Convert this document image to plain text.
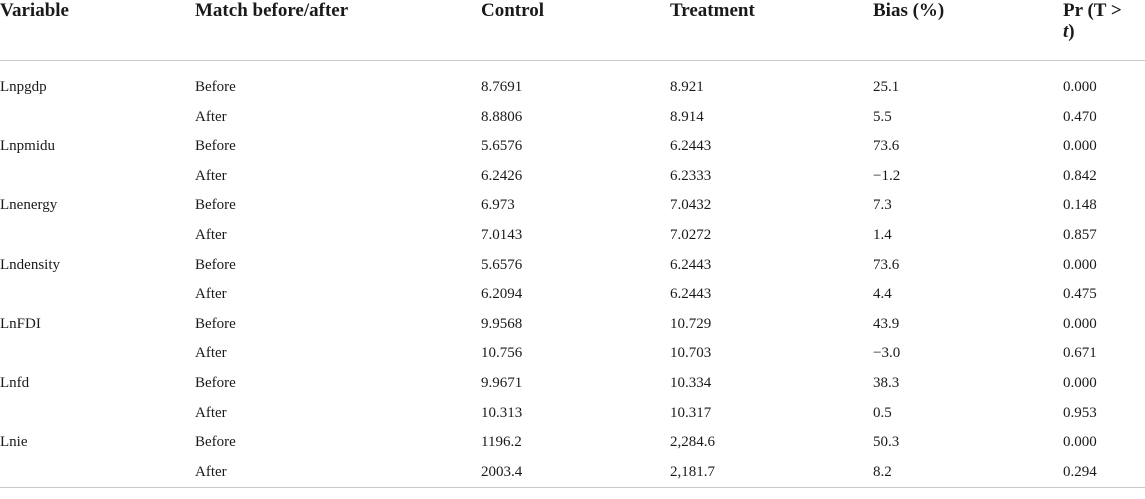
Variable	Match before/after	Control	Treatment	Bias (%)	Pr (T >
t)

Lnpgdp	Before	8.7691	8.921	25.1	0.000
	After	8.8806	8.914	5.5	0.470
Lnpmidu	Before	5.6576	6.2443	73.6	0.000
	After	6.2426	6.2333	−1.2	0.842
Lnenergy	Before	6.973	7.0432	7.3	0.148
	After	7.0143	7.0272	1.4	0.857
Lndensity	Before	5.6576	6.2443	73.6	0.000
	After	6.2094	6.2443	4.4	0.475
LnFDI	Before	9.9568	10.729	43.9	0.000
	After	10.756	10.703	−3.0	0.671
Lnfd	Before	9.9671	10.334	38.3	0.000
	After	10.313	10.317	0.5	0.953
Lnie	Before	1196.2	2,284.6	50.3	0.000
	After	2003.4	2,181.7	8.2	0.294
